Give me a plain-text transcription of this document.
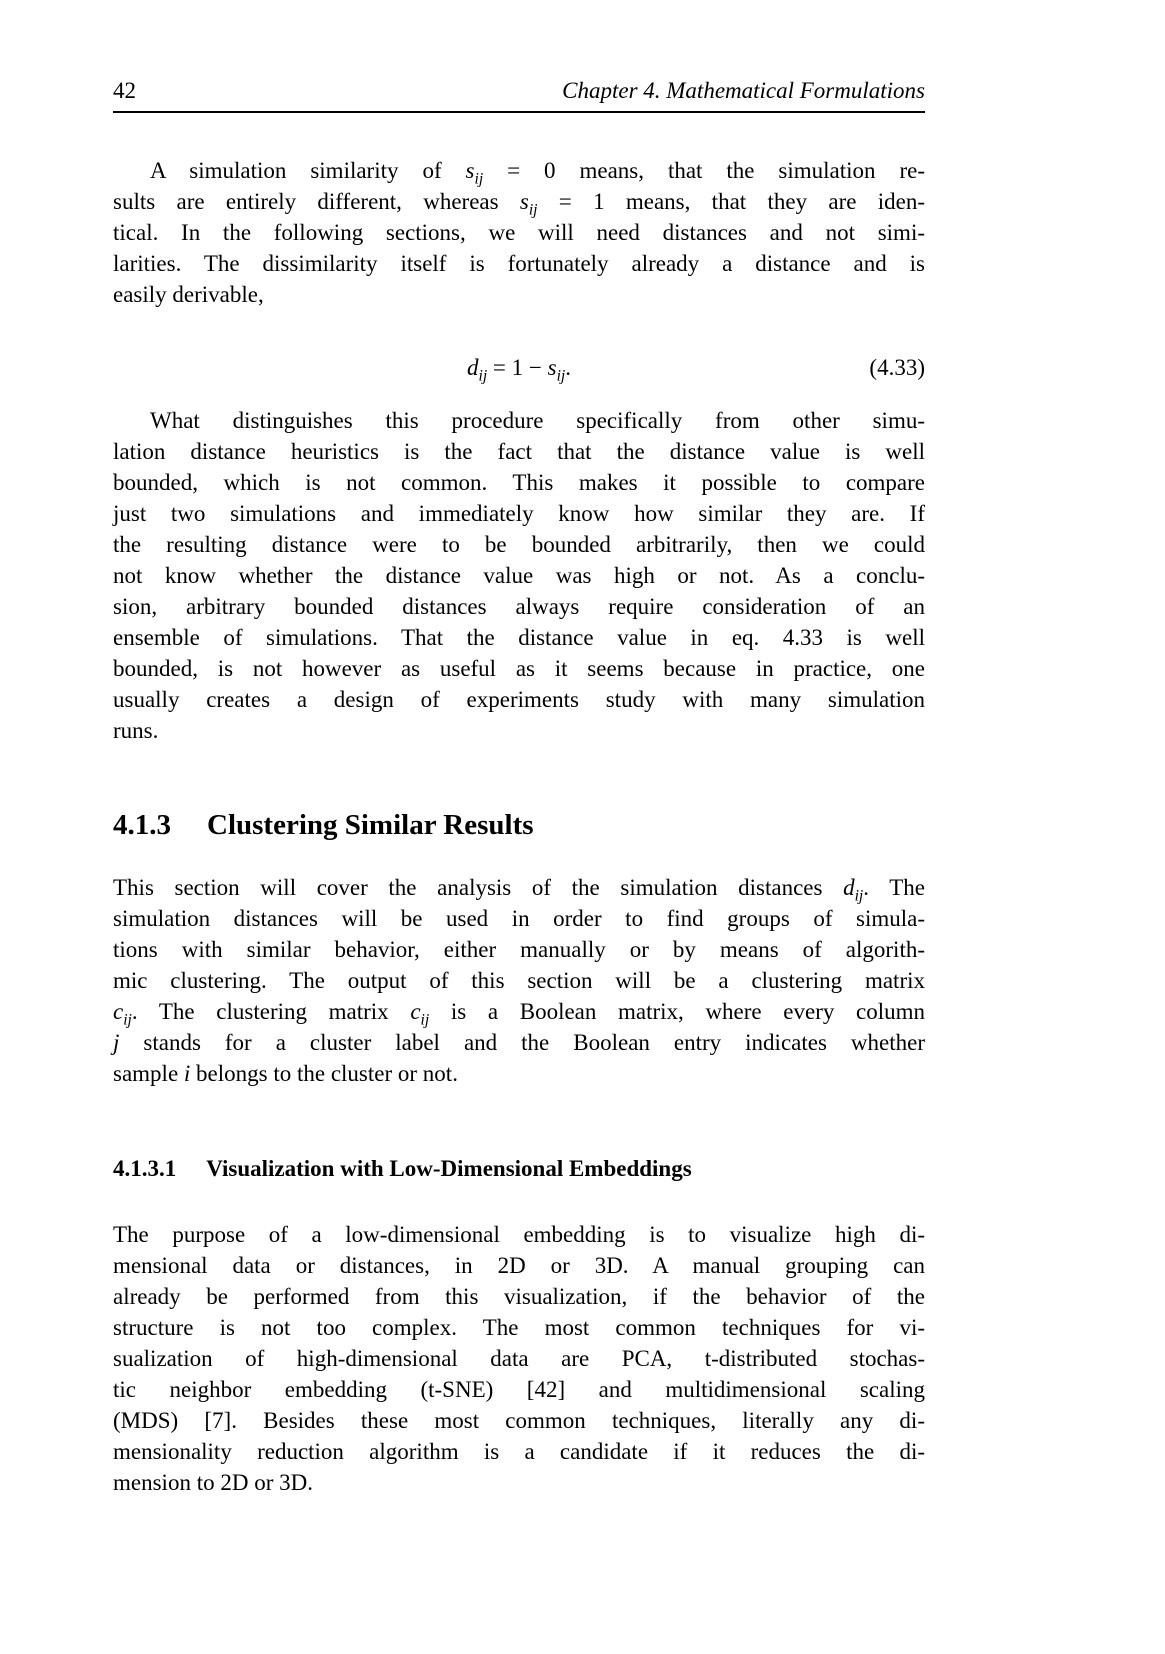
42	Chapter 4. Mathematical Formulations
A simulation similarity of $s_{ij} = 0$ means, that the simulation re-
sults are entirely different, whereas $s_{ij} = 1$ means, that they are iden-
tical. In the following sections, we will need distances and not simi-
larities. The dissimilarity itself is fortunately already a distance and is
easily derivable,
$d_{ij} = 1 - s_{ij}$.	(4.33)
What distinguishes this procedure specifically from other simu-
lation distance heuristics is the fact that the distance value is well
bounded, which is not common. This makes it possible to compare
just two simulations and immediately know how similar they are. If
the resulting distance were to be bounded arbitrarily, then we could
not know whether the distance value was high or not. As a conclu-
sion, arbitrary bounded distances always require consideration of an
ensemble of simulations. That the distance value in eq. 4.33 is well
bounded, is not however as useful as it seems because in practice, one
usually creates a design of experiments study with many simulation
runs.
4.1.3 Clustering Similar Results
This section will cover the analysis of the simulation distances $d_{ij}$. The
simulation distances will be used in order to find groups of simula-
tions with similar behavior, either manually or by means of algorith-
mic clustering. The output of this section will be a clustering matrix
$c_{ij}$. The clustering matrix $c_{ij}$ is a Boolean matrix, where every column
j stands for a cluster label and the Boolean entry indicates whether
sample i belongs to the cluster or not.
4.1.3.1 Visualization with Low-Dimensional Embeddings
The purpose of a low-dimensional embedding is to visualize high di-
mensional data or distances, in 2D or 3D. A manual grouping can
already be performed from this visualization, if the behavior of the
structure is not too complex. The most common techniques for vi-
sualization of high-dimensional data are PCA, t-distributed stochas-
tic neighbor embedding (t-SNE) [42] and multidimensional scaling
(MDS) [7]. Besides these most common techniques, literally any di-
mensionality reduction algorithm is a candidate if it reduces the di-
mension to 2D or 3D.
